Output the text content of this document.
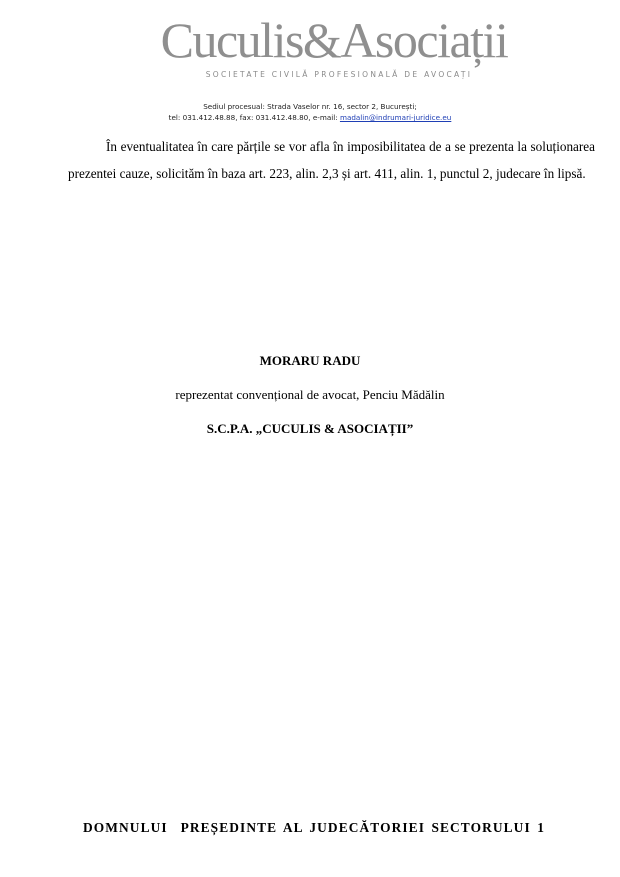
Cuculis&Asociații
SOCIETATE CIVILĂ PROFESIONALĂ DE AVOCAȚI
Sediul procesual: Strada Vaselor nr. 16, sector 2, București;
tel: 031.412.48.88, fax: 031.412.48.80, e-mail: madalin@indrumari-juridice.eu

În eventualitatea în care părțile se vor afla în imposibilitatea de a se prezenta la soluționarea prezentei cauze, solicităm în baza art. 223, alin. 2,3 și art. 411, alin. 1, punctul 2, judecare în lipsă.

MORARU RADU
reprezentat convențional de avocat, Penciu Mădălin
S.C.P.A. „CUCULIS & ASOCIAȚII”
DOMNULUI  PREȘEDINTE AL JUDECĂTORIEI SECTORULUI 1
